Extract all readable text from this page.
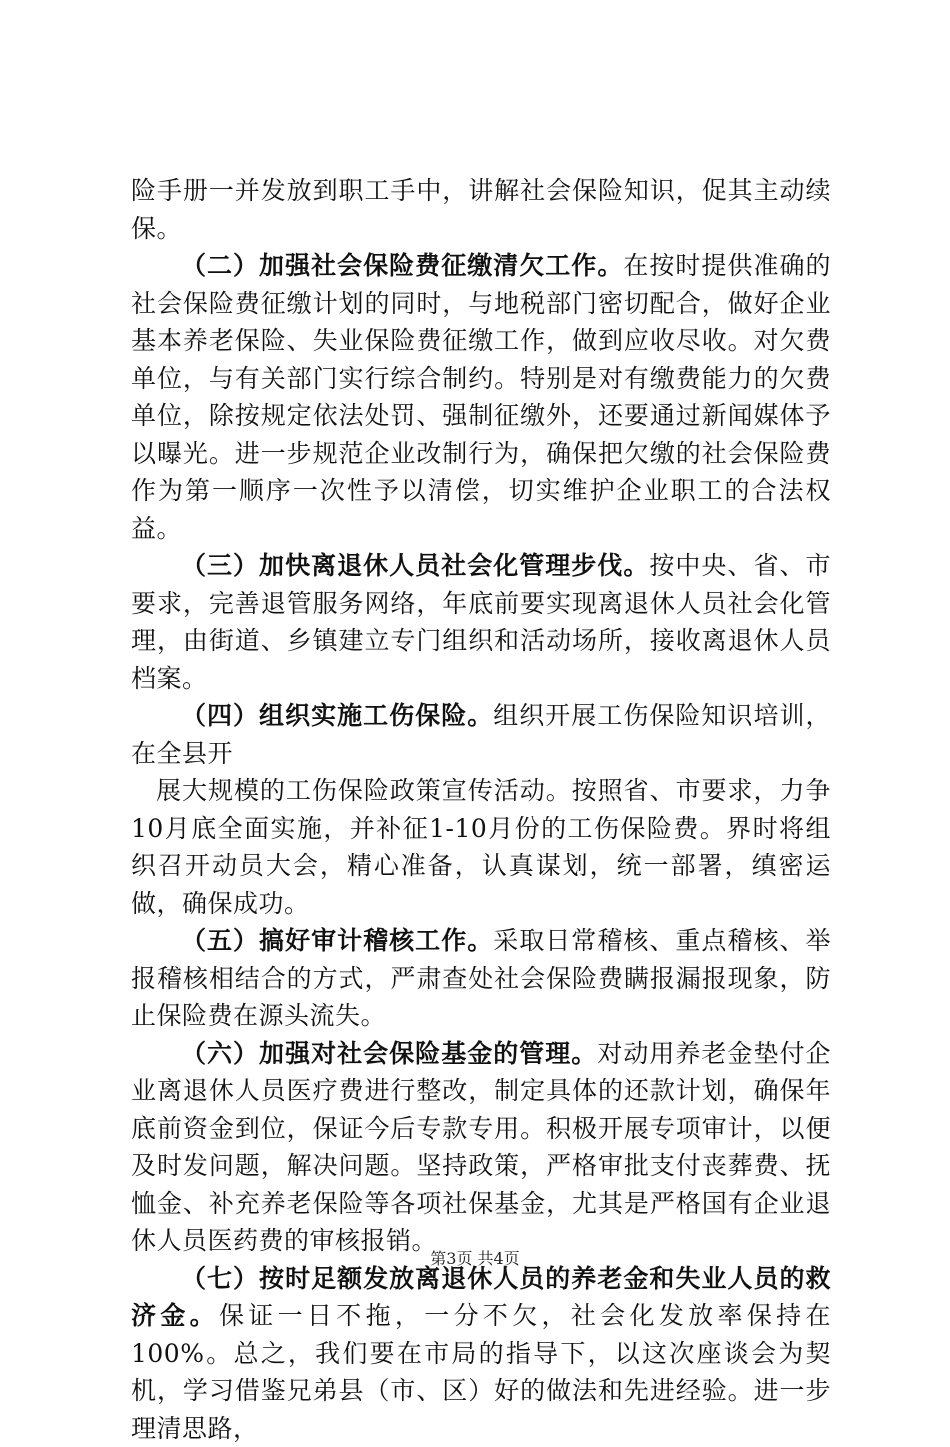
险手册一并发放到职工手中，讲解社会保险知识，促其主动续保。

（二）加强社会保险费征缴清欠工作。在按时提供准确的社会保险费征缴计划的同时，与地税部门密切配合，做好企业基本养老保险、失业保险费征缴工作，做到应收尽收。对欠费单位，与有关部门实行综合制约。特别是对有缴费能力的欠费单位，除按规定依法处罚、强制征缴外，还要通过新闻媒体予以曝光。进一步规范企业改制行为，确保把欠缴的社会保险费作为第一顺序一次性予以清偿，切实维护企业职工的合法权益。

（三）加快离退休人员社会化管理步伐。按中央、省、市要求，完善退管服务网络，年底前要实现离退休人员社会化管理，由街道、乡镇建立专门组织和活动场所，接收离退休人员档案。

（四）组织实施工伤保险。组织开展工伤保险知识培训，在全县开

展大规模的工伤保险政策宣传活动。按照省、市要求，力争10月底全面实施，并补征1-10月份的工伤保险费。界时将组织召开动员大会，精心准备，认真谋划，统一部署，缜密运做，确保成功。

（五）搞好审计稽核工作。采取日常稽核、重点稽核、举报稽核相结合的方式，严肃查处社会保险费瞒报漏报现象，防止保险费在源头流失。

（六）加强对社会保险基金的管理。对动用养老金垫付企业离退休人员医疗费进行整改，制定具体的还款计划，确保年底前资金到位，保证今后专款专用。积极开展专项审计，以便及时发问题，解决问题。坚持政策，严格审批支付丧葬费、抚恤金、补充养老保险等各项社保基金，尤其是严格国有企业退休人员医药费的审核报销。

（七）按时足额发放离退休人员的养老金和失业人员的救济金。保证一日不拖，一分不欠，社会化发放率保持在100%。总之，我们要在市局的指导下，以这次座谈会为契机，学习借鉴兄弟县（市、区）好的做法和先进经验。进一步理清思路，

第3页 共4页
